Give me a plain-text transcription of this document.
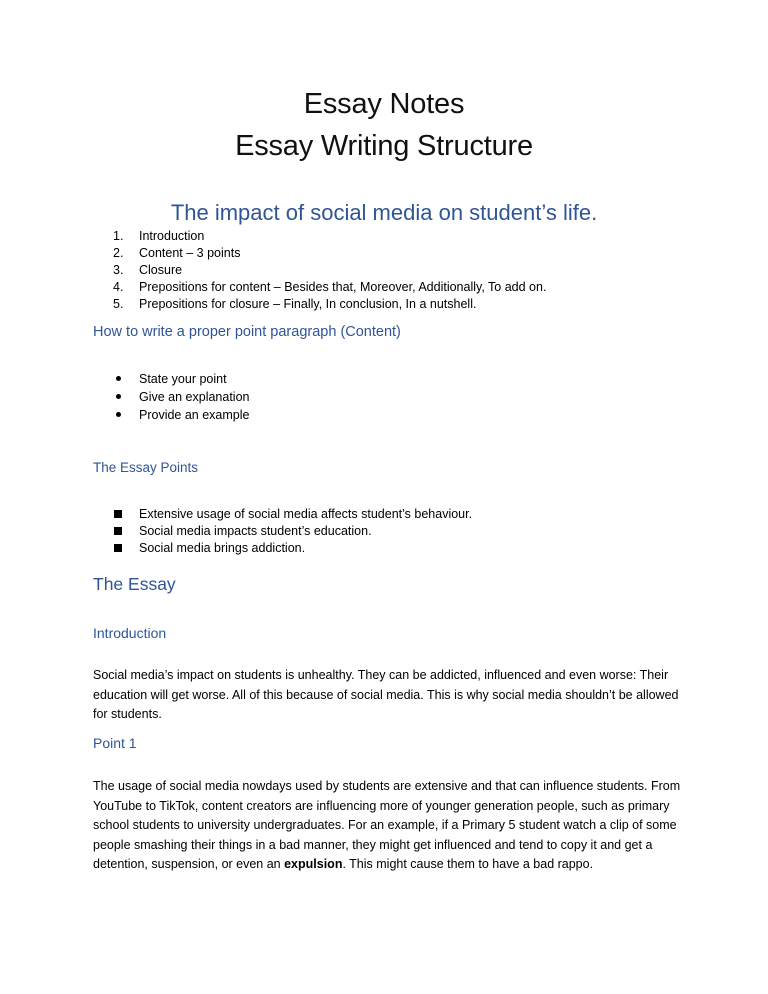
Essay Notes
Essay Writing Structure
The impact of social media on student’s life.
1. Introduction
2. Content – 3 points
3. Closure
4. Prepositions for content – Besides that, Moreover, Additionally, To add on.
5. Prepositions for closure – Finally, In conclusion, In a nutshell.
How to write a proper point paragraph (Content)
State your point
Give an explanation
Provide an example
The Essay Points
Extensive usage of social media affects student’s behaviour.
Social media impacts student’s education.
Social media brings addiction.
The Essay
Introduction

Social media’s impact on students is unhealthy. They can be addicted, influenced and even worse: Their education will get worse. All of this because of social media. This is why social media shouldn’t be allowed for students.

Point 1

The usage of social media nowdays used by students are extensive and that can influence students. From YouTube to TikTok, content creators are influencing more of younger generation people, such as primary school students to university undergraduates. For an example, if a Primary 5 student watch a clip of some people smashing their things in a bad manner, they might get influenced and tend to copy it and get a detention, suspension, or even an expulsion. This might cause them to have a bad rappo.
